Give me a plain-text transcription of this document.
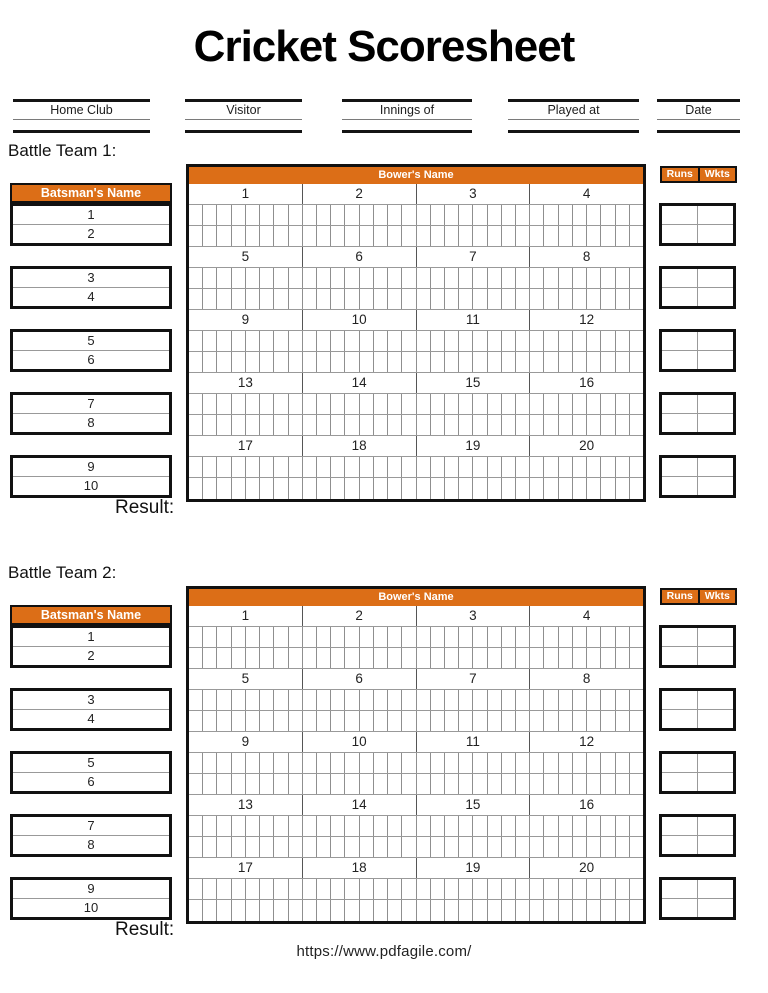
Cricket Scoresheet
Home Club	Visitor	Innings of	Played at	Date
Battle Team 1:
Batsman's Name
1
2
3
4
5
6
7
8
9
10
Bower's Name
1	2	3	4
5	6	7	8
9	10	11	12
13	14	15	16
17	18	19	20
Runs	Wkts
Result:
Battle Team 2:
Batsman's Name
1
2
3
4
5
6
7
8
9
10
Bower's Name
1	2	3	4
5	6	7	8
9	10	11	12
13	14	15	16
17	18	19	20
Runs	Wkts
Result:
https://www.pdfagile.com/
